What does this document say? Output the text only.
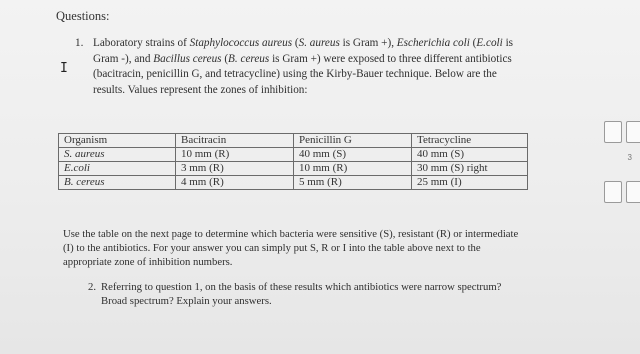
Questions:
I
1. Laboratory strains of Staphylococcus aureus (S. aureus is Gram +), Escherichia coli (E.coli is Gram -), and Bacillus cereus (B. cereus is Gram +) were exposed to three different antibiotics (bacitracin, penicillin G, and tetracycline) using the Kirby-Bauer technique. Below are the results. Values represent the zones of inhibition:
Organism	Bacitracin	Penicillin G	Tetracycline
S. aureus	10 mm (R)	40 mm (S)	40 mm (S)
E.coli	3 mm (R)	10 mm (R)	30 mm (S) right
B. cereus	4 mm (R)	5 mm (R)	25 mm (I)
Use the table on the next page to determine which bacteria were sensitive (S), resistant (R) or intermediate (I) to the antibiotics. For your answer you can simply put S, R or I into the table above next to the appropriate zone of inhibition numbers.
2. Referring to question 1, on the basis of these results which antibiotics were narrow spectrum? Broad spectrum? Explain your answers.
3
